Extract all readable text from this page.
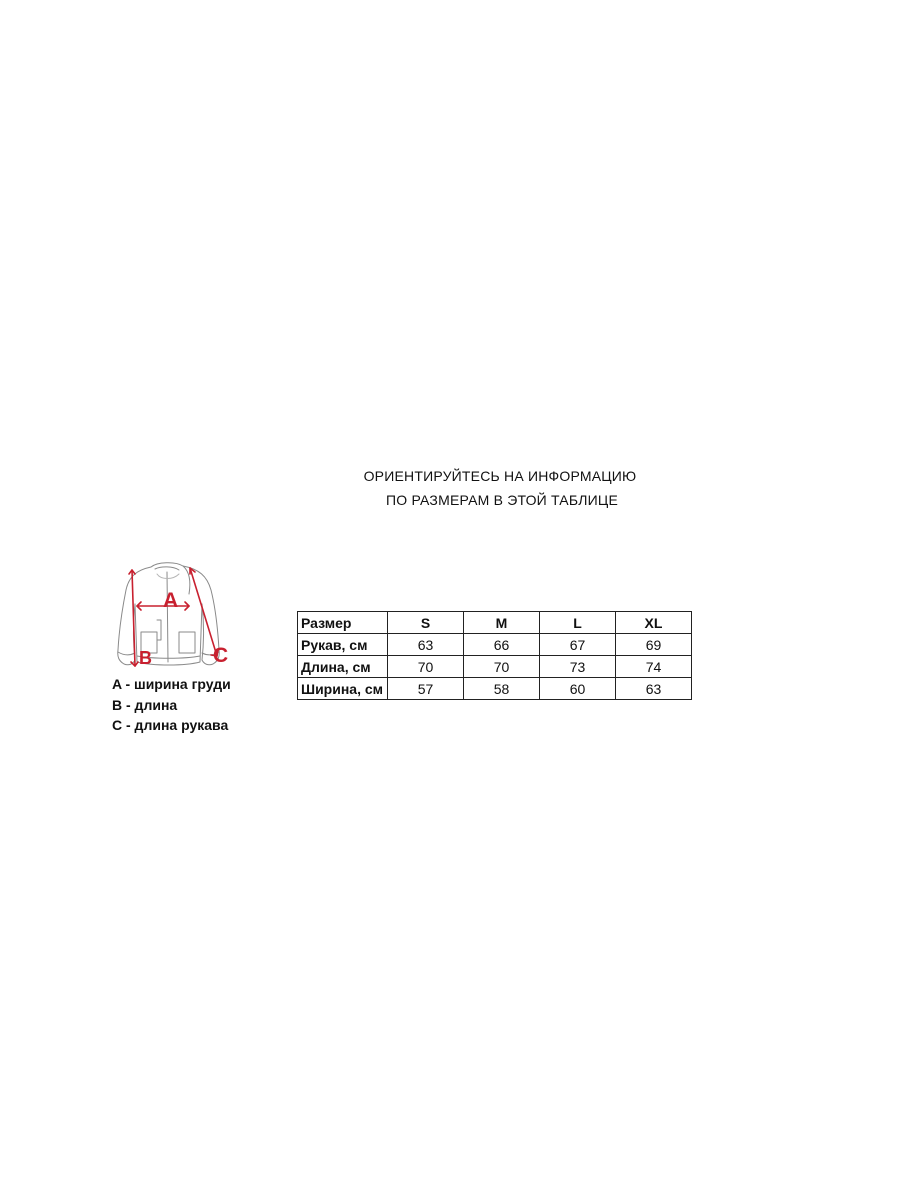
ОРИЕНТИРУЙТЕСЬ НА ИНФОРМАЦИЮ
ПО РАЗМЕРАМ В ЭТОЙ ТАБЛИЦЕ
A
B	C
A - ширина груди
B - длина
C - длина рукава
Размер	S	M	L	XL
Рукав, см	63	66	67	69
Длина, см	70	70	73	74
Ширина, см	57	58	60	63
